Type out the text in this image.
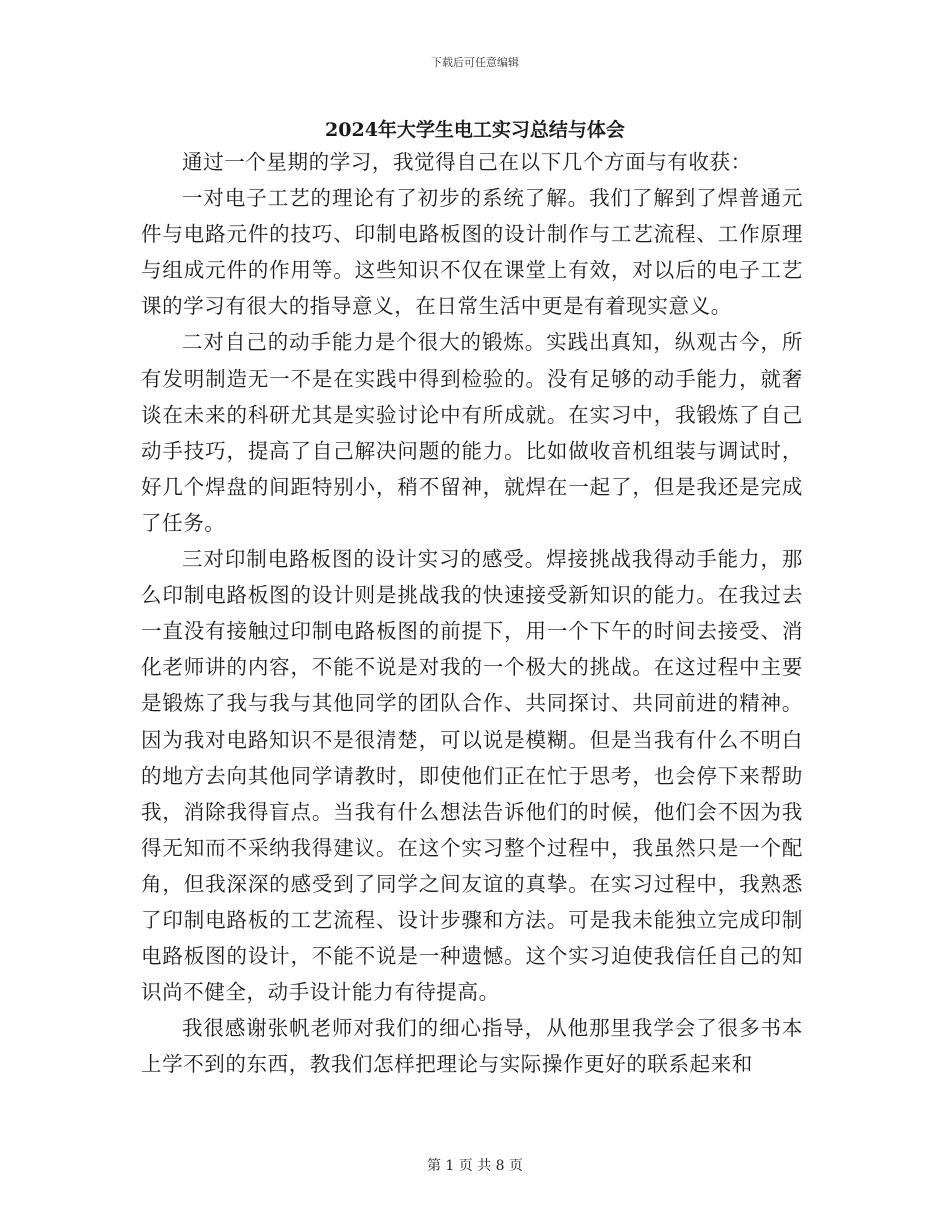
下载后可任意编辑
2024年大学生电工实习总结与体会

通过一个星期的学习，我觉得自己在以下几个方面与有收获：

一对电子工艺的理论有了初步的系统了解。我们了解到了焊普通元件与电路元件的技巧、印制电路板图的设计制作与工艺流程、工作原理与组成元件的作用等。这些知识不仅在课堂上有效，对以后的电子工艺课的学习有很大的指导意义，在日常生活中更是有着现实意义。

二对自己的动手能力是个很大的锻炼。实践出真知，纵观古今，所有发明制造无一不是在实践中得到检验的。没有足够的动手能力，就奢谈在未来的科研尤其是实验讨论中有所成就。在实习中，我锻炼了自己动手技巧，提高了自己解决问题的能力。比如做收音机组装与调试时，好几个焊盘的间距特别小，稍不留神，就焊在一起了，但是我还是完成了任务。

三对印制电路板图的设计实习的感受。焊接挑战我得动手能力，那么印制电路板图的设计则是挑战我的快速接受新知识的能力。在我过去一直没有接触过印制电路板图的前提下，用一个下午的时间去接受、消化老师讲的内容，不能不说是对我的一个极大的挑战。在这过程中主要是锻炼了我与我与其他同学的团队合作、共同探讨、共同前进的精神。因为我对电路知识不是很清楚，可以说是模糊。但是当我有什么不明白的地方去向其他同学请教时，即使他们正在忙于思考，也会停下来帮助我，消除我得盲点。当我有什么想法告诉他们的时候，他们会不因为我得无知而不采纳我得建议。在这个实习整个过程中，我虽然只是一个配角，但我深深的感受到了同学之间友谊的真挚。在实习过程中，我熟悉了印制电路板的工艺流程、设计步骤和方法。可是我未能独立完成印制电路板图的设计，不能不说是一种遗憾。这个实习迫使我信任自己的知识尚不健全，动手设计能力有待提高。

我很感谢张帆老师对我们的细心指导，从他那里我学会了很多书本上学不到的东西，教我们怎样把理论与实际操作更好的联系起来和

第 1 页 共 8 页
